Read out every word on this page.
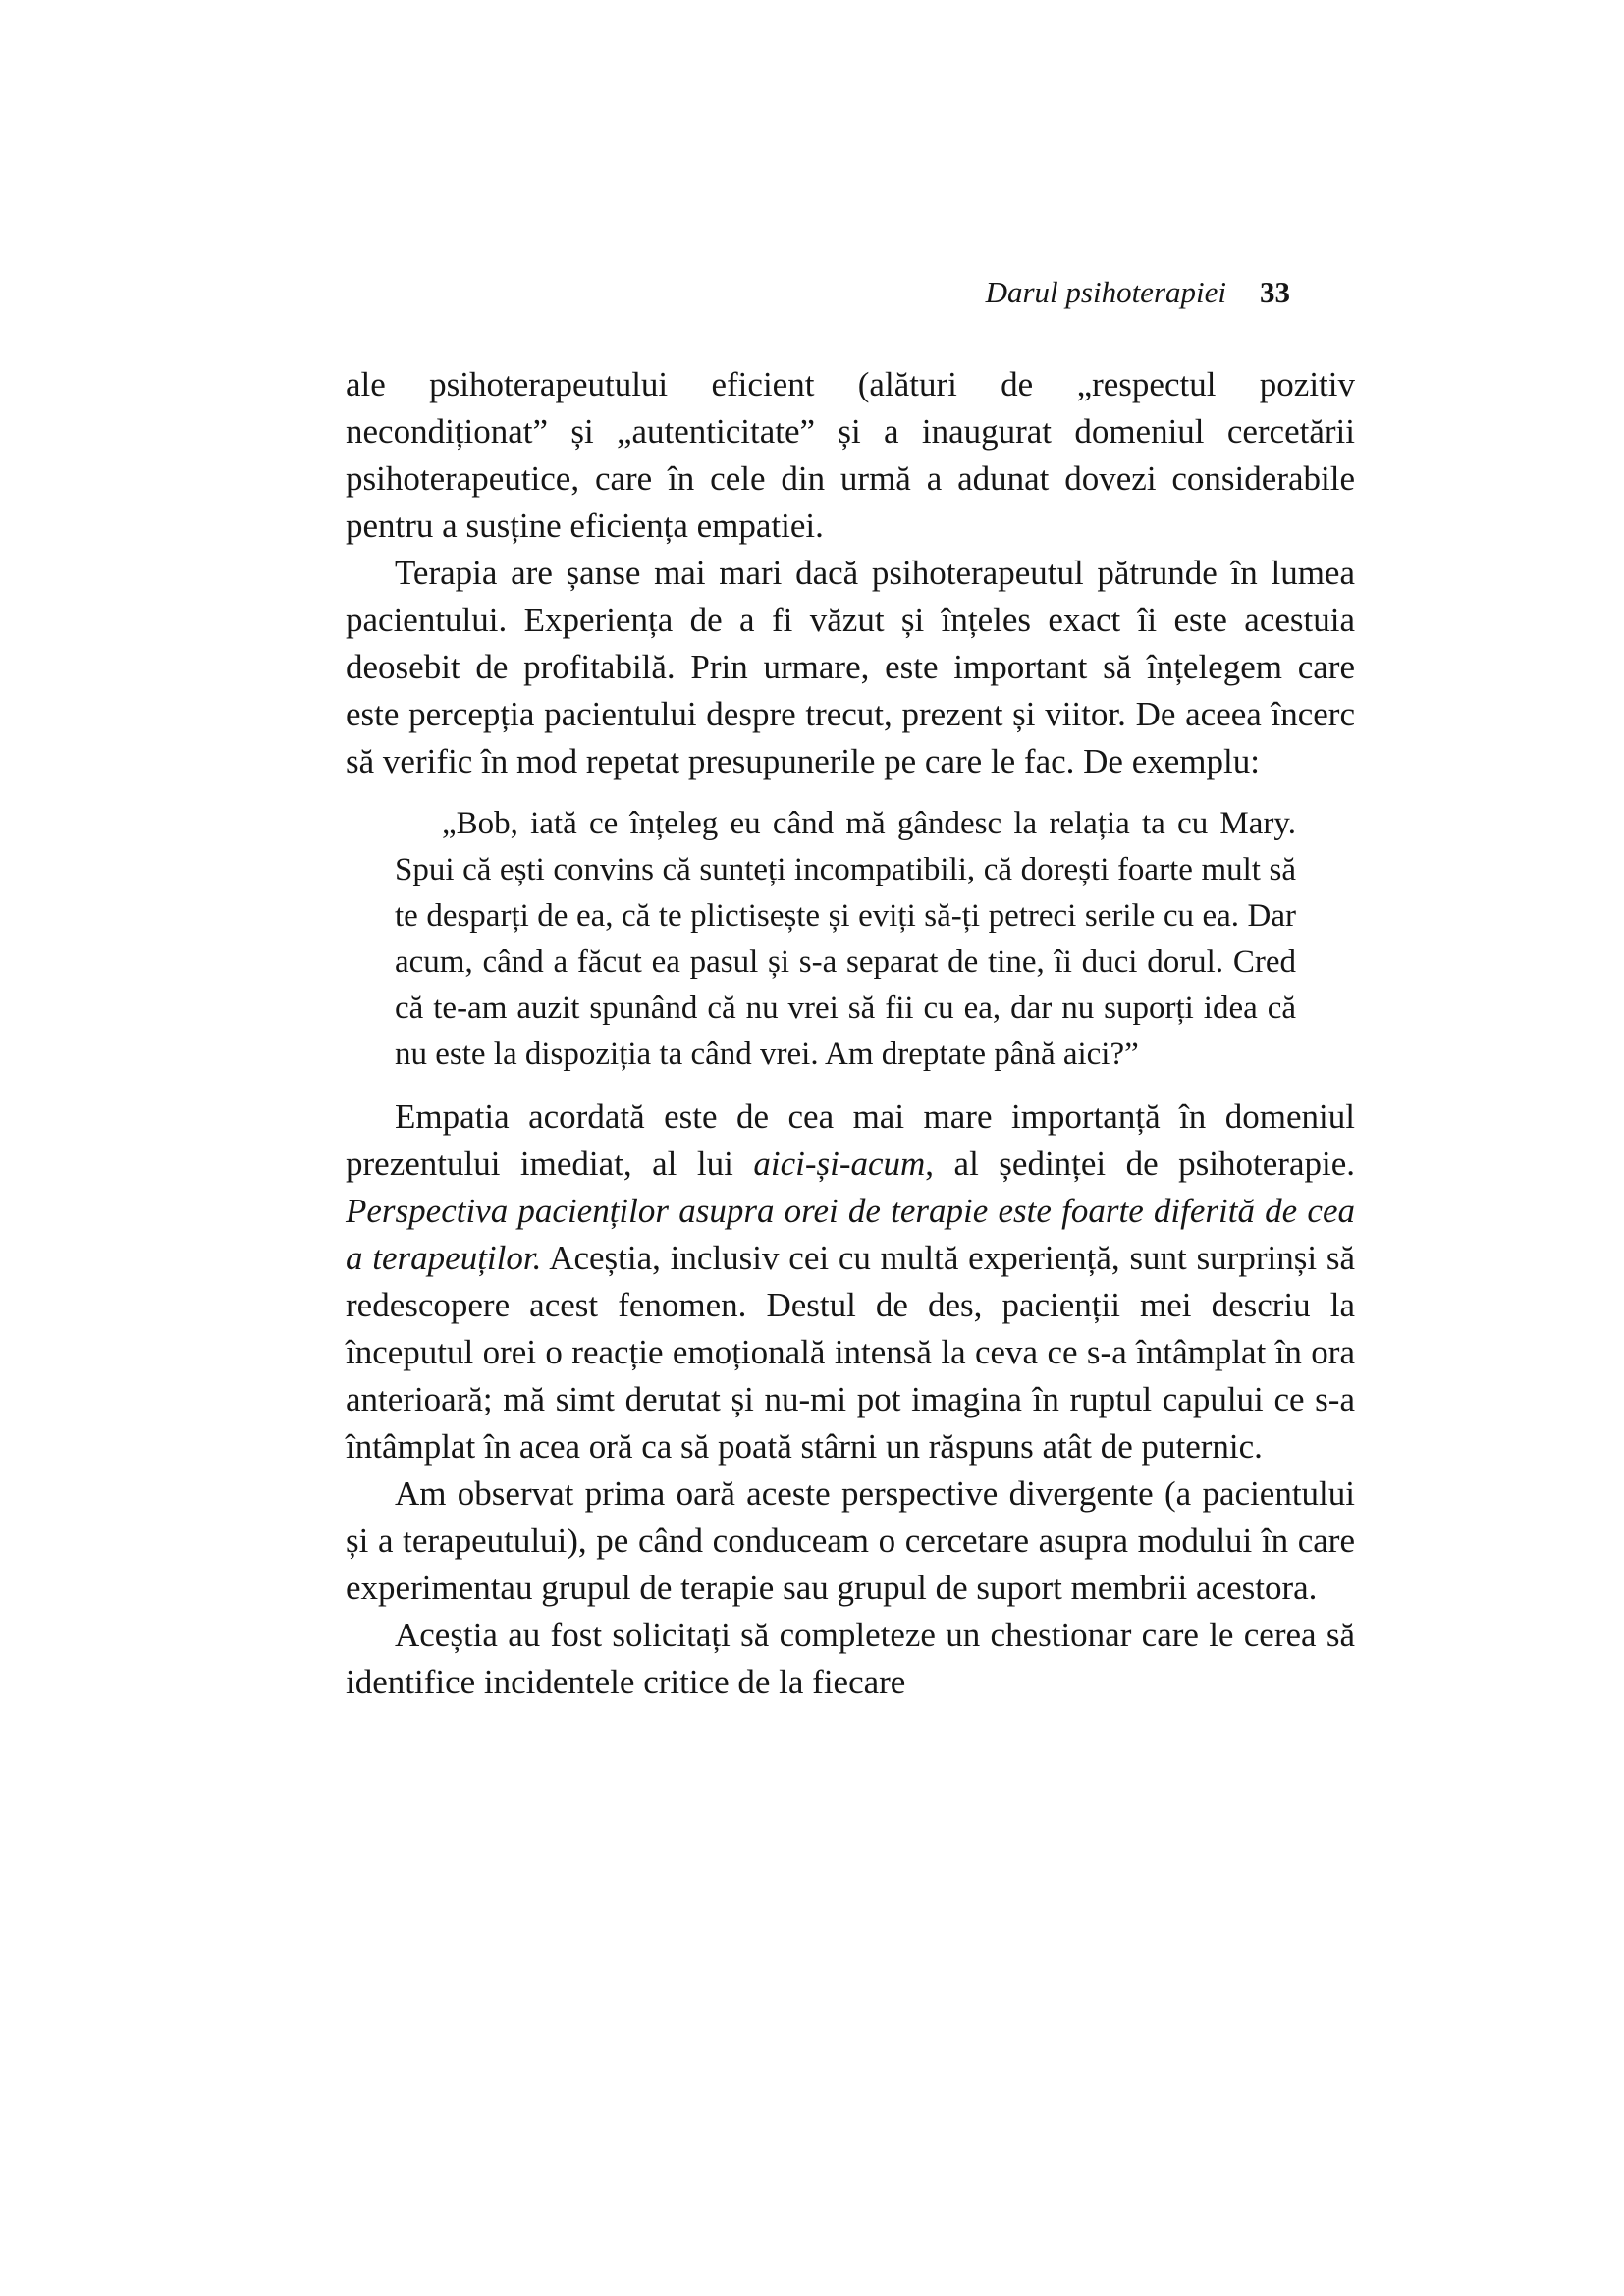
Darul psihoterapiei 33

ale psihoterapeutului eficient (alături de „respectul pozitiv necondiționat” și „autenticitate” și a inaugurat domeniul cercetării psihoterapeutice, care în cele din urmă a adunat dovezi considerabile pentru a susține eficiența empatiei.

Terapia are șanse mai mari dacă psihoterapeutul pătrunde în lumea pacientului. Experiența de a fi văzut și înțeles exact îi este acestuia deosebit de profitabilă. Prin urmare, este important să înțelegem care este percepția pacientului despre trecut, prezent și viitor. De aceea încerc să verific în mod repetat presupunerile pe care le fac. De exemplu:

„Bob, iată ce înțeleg eu când mă gândesc la relația ta cu Mary. Spui că ești convins că sunteți incompatibili, că dorești foarte mult să te desparți de ea, că te plictisește și eviți să-ți petreci serile cu ea. Dar acum, când a făcut ea pasul și s-a separat de tine, îi duci dorul. Cred că te-am auzit spunând că nu vrei să fii cu ea, dar nu suporți idea că nu este la dispoziția ta când vrei. Am dreptate până aici?”

Empatia acordată este de cea mai mare importanță în domeniul prezentului imediat, al lui aici-și-acum, al ședinței de psihoterapie. Perspectiva pacienților asupra orei de terapie este foarte diferită de cea a terapeuților. Aceștia, inclusiv cei cu multă experiență, sunt surprinși să redescopere acest fenomen. Destul de des, pacienții mei descriu la începutul orei o reacție emoțională intensă la ceva ce s-a întâmplat în ora anterioară; mă simt derutat și nu-mi pot imagina în ruptul capului ce s-a întâmplat în acea oră ca să poată stârni un răspuns atât de puternic.

Am observat prima oară aceste perspective divergente (a pacientului și a terapeutului), pe când conduceam o cercetare asupra modului în care experimentau grupul de terapie sau grupul de suport membrii acestora.

Aceștia au fost solicitați să completeze un chestionar care le cerea să identifice incidentele critice de la fiecare
